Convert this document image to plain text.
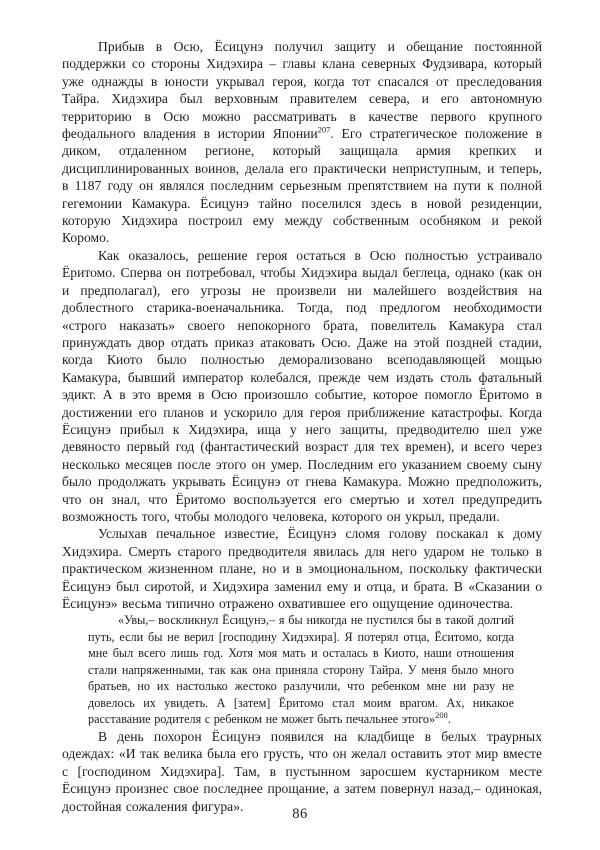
Прибыв в Осю, Ёсицунэ получил защиту и обещание постоянной поддержки со стороны Хидэхира – главы клана северных Фудзивара, который уже однажды в юности укрывал героя, когда тот спасался от преследования Тайра. Хидэхира был верховным правителем севера, и его автономную территорию в Осю можно рассматривать в качестве первого крупного феодального владения в истории Японии$^{207}$. Его стратегическое положение в диком, отдаленном регионе, который защищала армия крепких и дисциплинированных воинов, делала его практически неприступным, и теперь, в 1187 году он являлся последним серьезным препятствием на пути к полной гегемонии Камакура. Ёсицунэ тайно поселился здесь в новой резиденции, которую Хидэхира построил ему между собственным особняком и рекой Коромо.

Как оказалось, решение героя остаться в Осю полностью устраивало Ёритомо. Сперва он потребовал, чтобы Хидэхира выдал беглеца, однако (как он и предполагал), его угрозы не произвели ни малейшего воздействия на доблестного старика-военачальника. Тогда, под предлогом необходимости «строго наказать» своего непокорного брата, повелитель Камакура стал принуждать двор отдать приказ атаковать Осю. Даже на этой поздней стадии, когда Киото было полностью деморализовано всеподавляющей мощью Камакура, бывший император колебался, прежде чем издать столь фатальный эдикт. А в это время в Осю произошло событие, которое помогло Ёритомо в достижении его планов и ускорило для героя приближение катастрофы. Когда Ёсицунэ прибыл к Хидэхира, ища у него защиты, предводителю шел уже девяносто первый год (фантастический возраст для тех времен), и всего через несколько месяцев после этого он умер. Последним его указанием своему сыну было продолжать укрывать Ёсицунэ от гнева Камакура. Можно предположить, что он знал, что Ёритомо воспользуется его смертью и хотел предупредить возможность того, чтобы молодого человека, которого он укрыл, предали.

Услыхав печальное известие, Ёсицунэ сломя голову поскакал к дому Хидэхира. Смерть старого предводителя явилась для него ударом не только в практическом жизненном плане, но и в эмоциональном, поскольку фактически Ёсицунэ был сиротой, и Хидэхира заменил ему и отца, и брата. В «Сказании о Ёсицунэ» весьма типично отражено охватившее его ощущение одиночества.

«Увы,– воскликнул Ёсицунэ,– я бы никогда не пустился бы в такой долгий путь, если бы не верил [господину Хидэхира]. Я потерял отца, Ёситомо, когда мне был всего лишь год. Хотя моя мать и осталась в Киото, наши отношения стали напряженными, так как она приняла сторону Тайра. У меня было много братьев, но их настолько жестоко разлучили, что ребенком мне ни разу не довелось их увидеть. А [затем] Ёритомо стал моим врагом. Ах, никакое расставание родителя с ребенком не может быть печальнее этого»$^{208}$.

В день похорон Ёсицунэ появился на кладбище в белых траурных одеждах: «И так велика была его грусть, что он желал оставить этот мир вместе с [господином Хидэхира]. Там, в пустынном заросшем кустарником месте Ёсицунэ произнес свое последнее прощание, а затем повернул назад,– одинокая, достойная сожаления фигура».	86
